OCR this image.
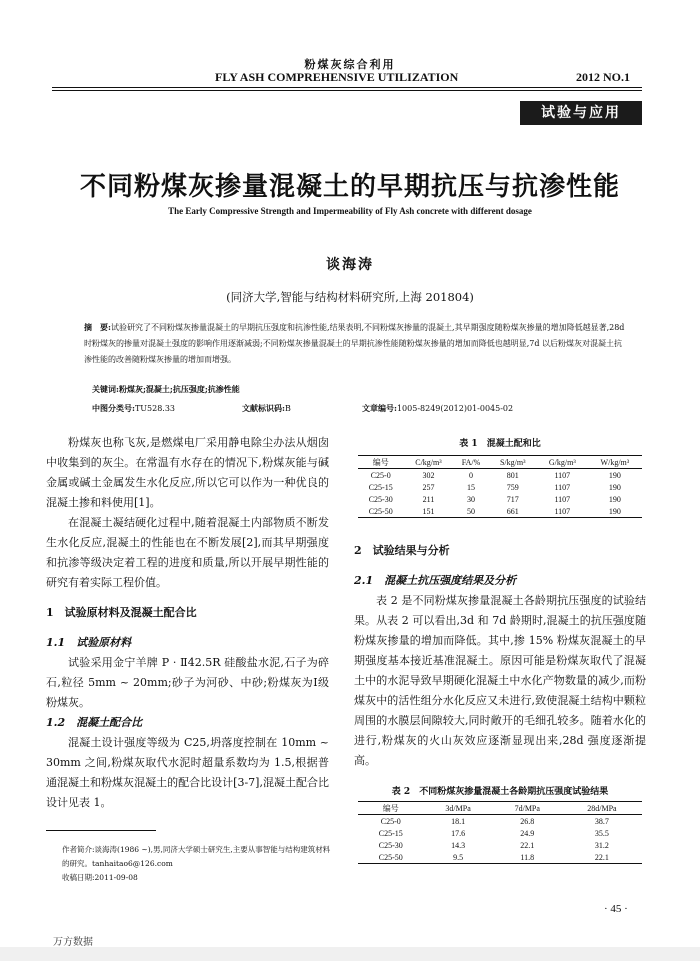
粉煤灰综合利用
FLY ASH COMPREHENSIVE UTILIZATION	2012 NO.1
试验与应用
不同粉煤灰掺量混凝土的早期抗压与抗渗性能
The Early Compressive Strength and Impermeability of Fly Ash concrete with different dosage
谈海涛
(同济大学,智能与结构材料研究所,上海 201804)
摘　要:试验研究了不同粉煤灰掺量混凝土的早期抗压强度和抗渗性能,结果表明,不同粉煤灰掺量的混凝土,其早期强度随粉煤灰掺量的增加降低越显著,28d 时粉煤灰的掺量对混凝土强度的影响作用逐渐减弱;不同粉煤灰掺量混凝土的早期抗渗性能随粉煤灰掺量的增加而降低也越明显,7d 以后粉煤灰对混凝土抗渗性能的改善随粉煤灰掺量的增加而增强。
关键词:粉煤灰;混凝土;抗压强度;抗渗性能
中图分类号:TU528.33	文献标识码:B	文章编号:1005-8249(2012)01-0045-02
粉煤灰也称飞灰,是燃煤电厂采用静电除尘办法从烟囱中收集到的灰尘。在常温有水存在的情况下,粉煤灰能与碱金属或碱土金属发生水化反应,所以它可以作为一种优良的混凝土掺和料使用[1]。
在混凝土凝结硬化过程中,随着混凝土内部物质不断发生水化反应,混凝土的性能也在不断发展[2],而其早期强度和抗渗等级决定着工程的进度和质量,所以开展早期性能的研究有着实际工程价值。
1　试验原材料及混凝土配合比
1.1　试验原材料
试验采用金宁羊牌 P · Ⅱ42.5R 硅酸盐水泥,石子为碎石,粒径 5mm ~ 20mm;砂子为河砂、中砂;粉煤灰为Ⅰ级粉煤灰。
1.2　混凝土配合比
混凝土设计强度等级为 C25,坍落度控制在 10mm ~ 30mm 之间,粉煤灰取代水泥时超量系数均为 1.5,根据普通混凝土和粉煤灰混凝土的配合比设计[3-7],混凝土配合比设计见表 1。
作者简介:谈海涛(1986 ~),男,同济大学硕士研究生,主要从事智能与结构建筑材料的研究。tanhaitao6@126.com
收稿日期:2011-09-08
表 1　混凝土配和比
编号	C/kg/m³	FA/%	S/kg/m³	G/kg/m³	W/kg/m³
C25-0	302	0	801	1107	190
C25-15	257	15	759	1107	190
C25-30	211	30	717	1107	190
C25-50	151	50	661	1107	190
2　试验结果与分析
2.1　混凝土抗压强度结果及分析
表 2 是不同粉煤灰掺量混凝土各龄期抗压强度的试验结果。从表 2 可以看出,3d 和 7d 龄期时,混凝土的抗压强度随粉煤灰掺量的增加而降低。其中,掺 15% 粉煤灰混凝土的早期强度基本接近基准混凝土。原因可能是粉煤灰取代了混凝土中的水泥导致早期硬化混凝土中水化产物数量的减少,而粉煤灰中的活性组分水化反应又未进行,致使混凝土结构中颗粒周围的水膜层间隙较大,同时敞开的毛细孔较多。随着水化的进行,粉煤灰的火山灰效应逐渐显现出来,28d 强度逐渐提高。
表 2　不同粉煤灰掺量混凝土各龄期抗压强度试验结果
编号	3d/MPa	7d/MPa	28d/MPa
C25-0	18.1	26.8	38.7
C25-15	17.6	24.9	35.5
C25-30	14.3	22.1	31.2
C25-50	9.5	11.8	22.1
· 45 ·
万方数据
